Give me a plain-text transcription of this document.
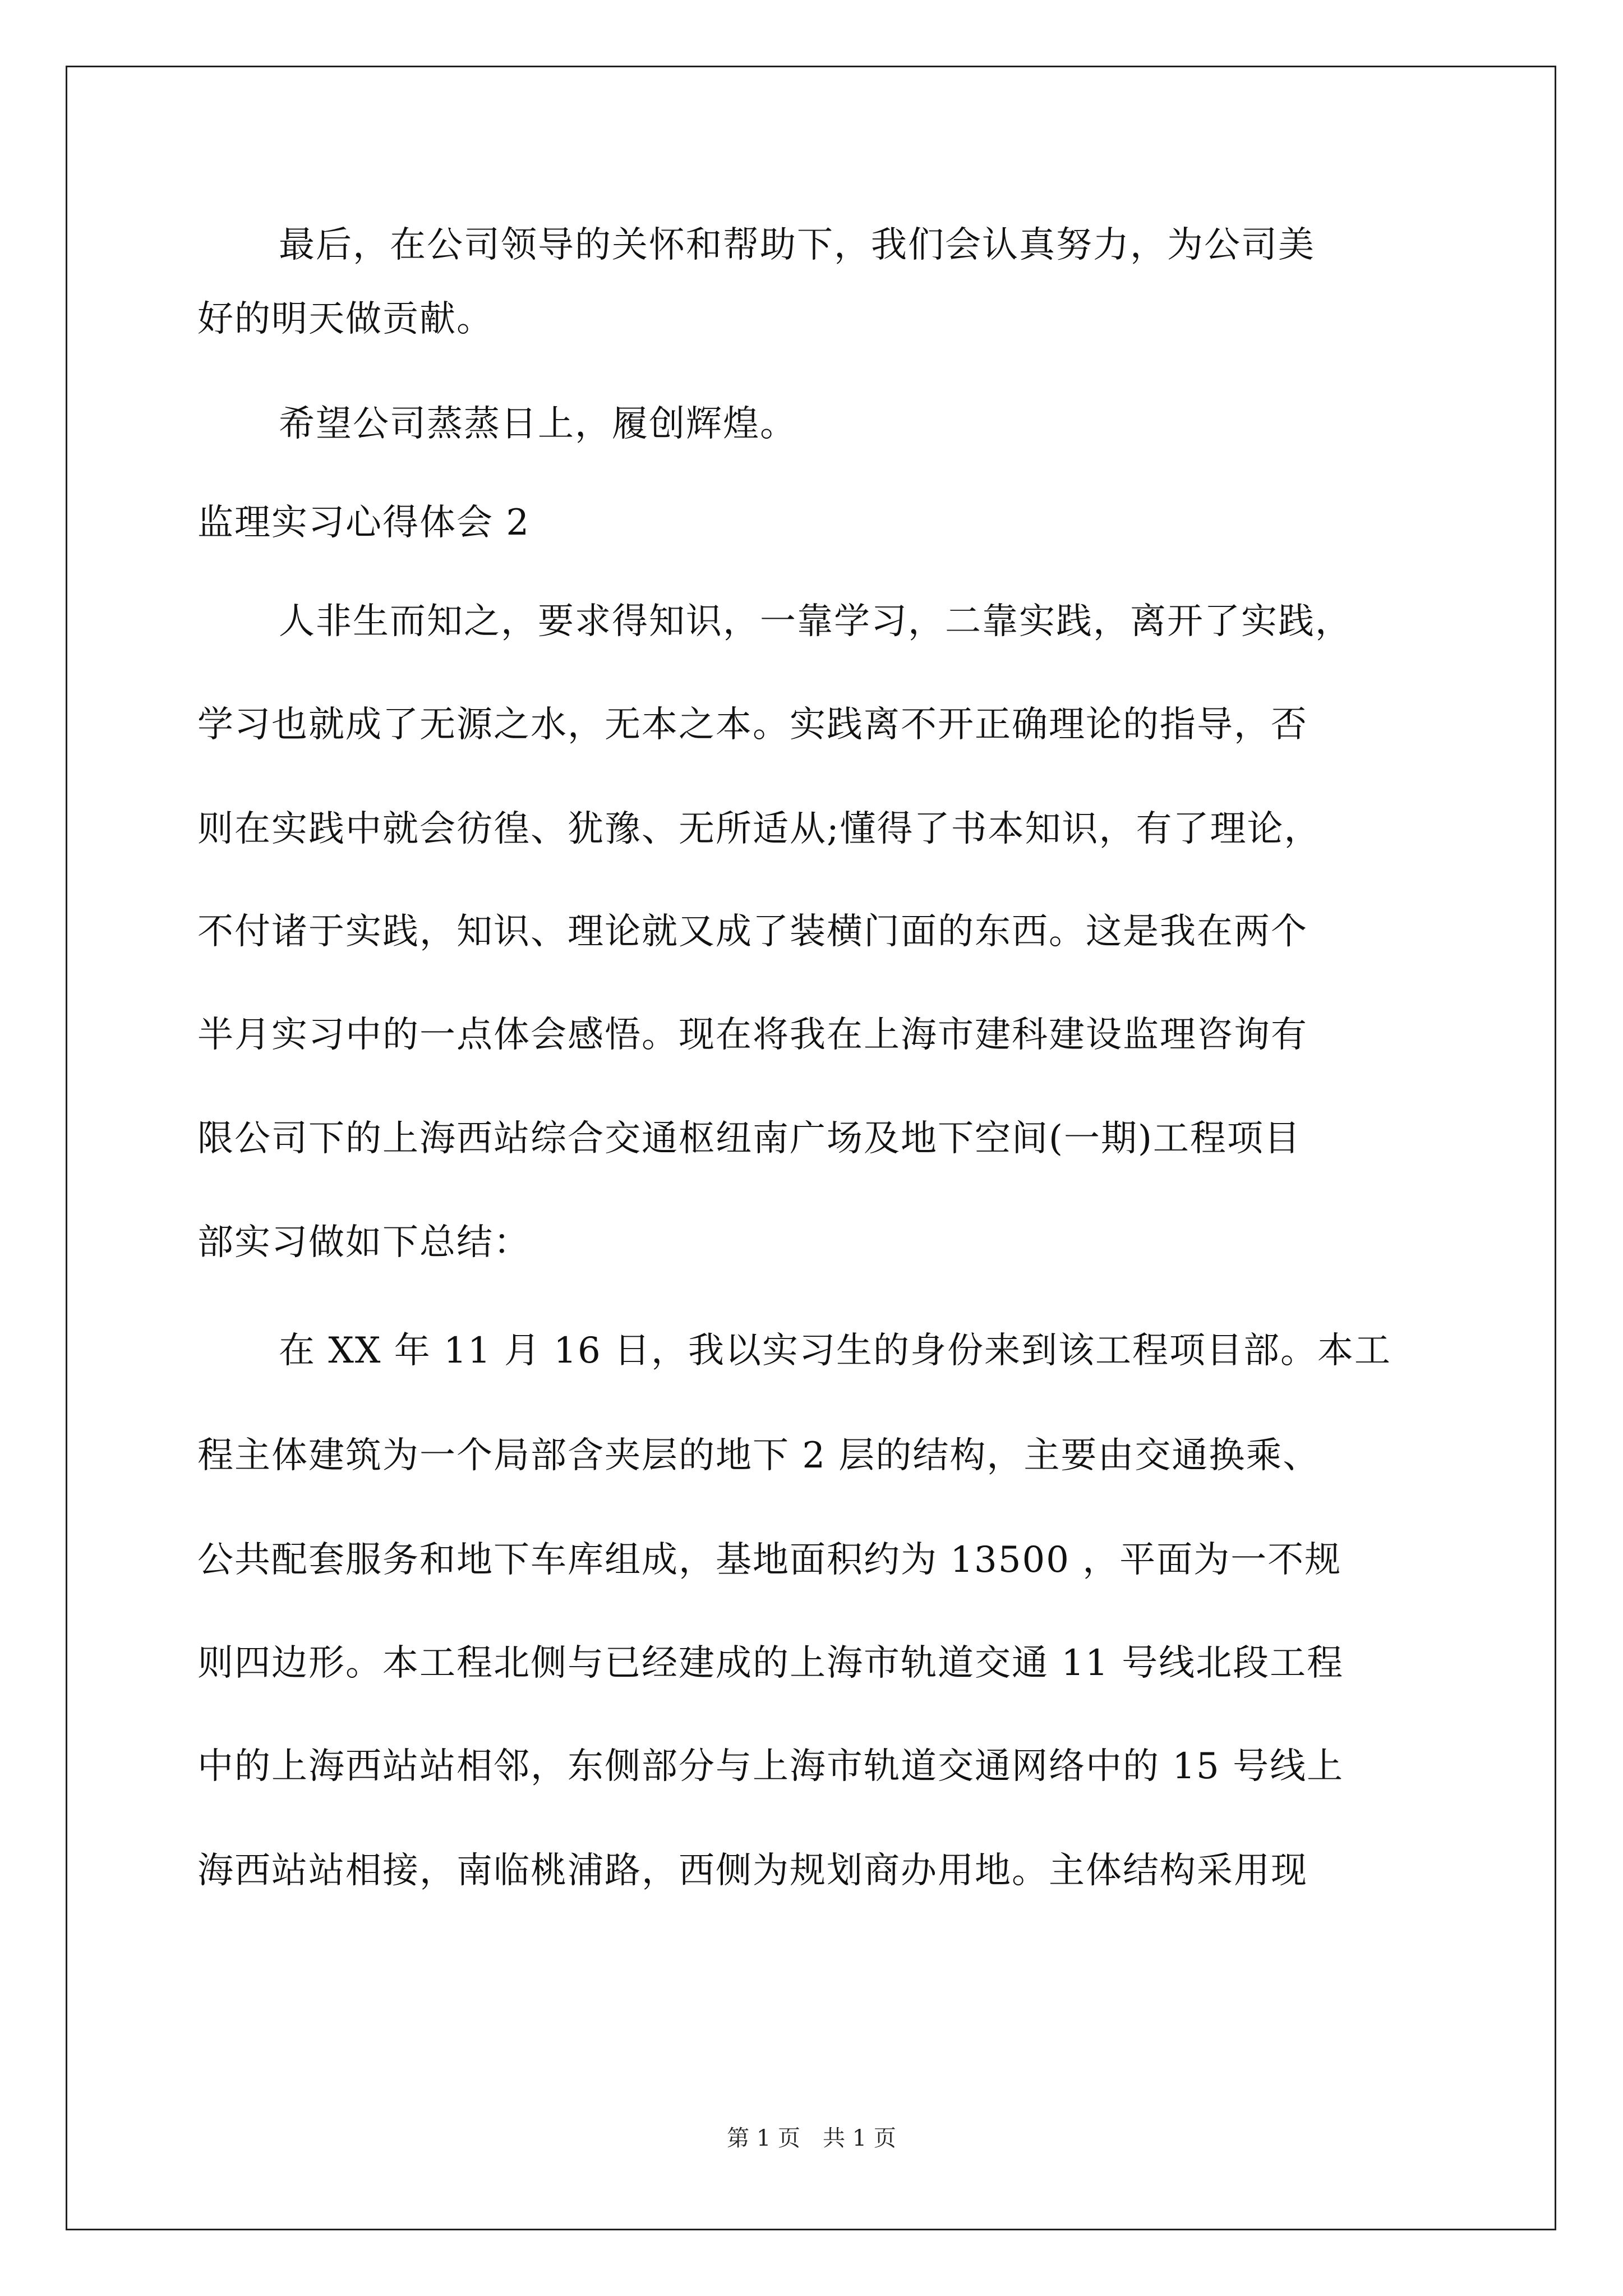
最后，在公司领导的关怀和帮助下，我们会认真努力，为公司美
好的明天做贡献。
希望公司蒸蒸日上，履创辉煌。
监理实习心得体会 2
人非生而知之，要求得知识，一靠学习，二靠实践，离开了实践，
学习也就成了无源之水，无本之本。实践离不开正确理论的指导，否
则在实践中就会彷徨、犹豫、无所适从;懂得了书本知识，有了理论，
不付诸于实践，知识、理论就又成了装横门面的东西。这是我在两个
半月实习中的一点体会感悟。现在将我在上海市建科建设监理咨询有
限公司下的上海西站综合交通枢纽南广场及地下空间(一期)工程项目
部实习做如下总结：
在 XX 年 11 月 16 日，我以实习生的身份来到该工程项目部。本工
程主体建筑为一个局部含夹层的地下 2 层的结构，主要由交通换乘、
公共配套服务和地下车库组成，基地面积约为 13500 ，平面为一不规
则四边形。本工程北侧与已经建成的上海市轨道交通 11 号线北段工程
中的上海西站站相邻，东侧部分与上海市轨道交通网络中的 15 号线上
海西站站相接，南临桃浦路，西侧为规划商办用地。主体结构采用现
第 1 页　共 1 页
